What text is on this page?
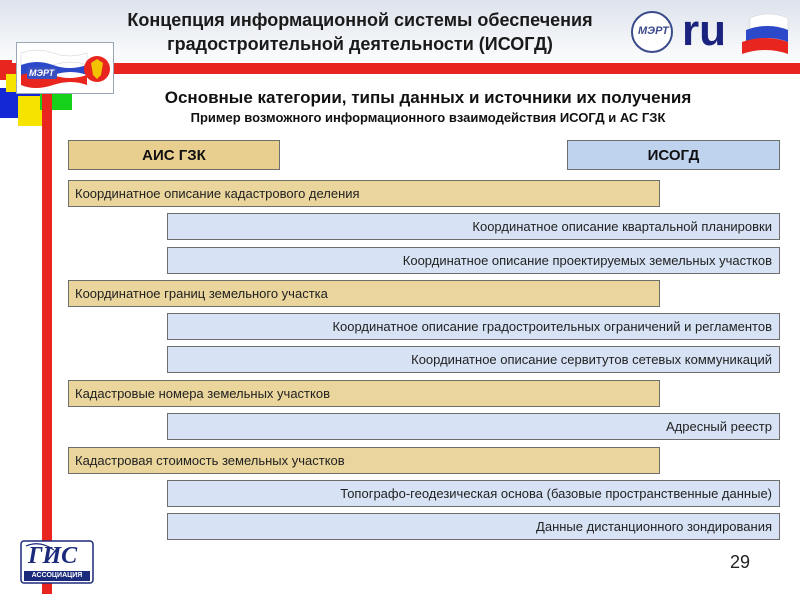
МЭРТ
Концепция информационной системы обеспечения
градостроительной деятельности (ИСОГД)	ru
МЭРТ
Основные категории, типы данных и источники их получения
Пример возможного информационного взаимодействия ИСОГД и АС ГЗК
АИС ГЗК	ИСОГД
Координатное описание кадастрового деления
Координатное описание квартальной планировки
Координатное описание проектируемых земельных участков
Координатное границ земельного участка
Координатное описание градостроительных ограничений и регламентов
Координатное описание сервитутов сетевых коммуникаций
Кадастровые номера земельных участков
Адресный реестр
Кадастровая стоимость земельных участков
Топографо-геодезическая основа (базовые пространственные данные)
Данные дистанционного зондирования
ГИС
АССОЦИАЦИЯ
29
